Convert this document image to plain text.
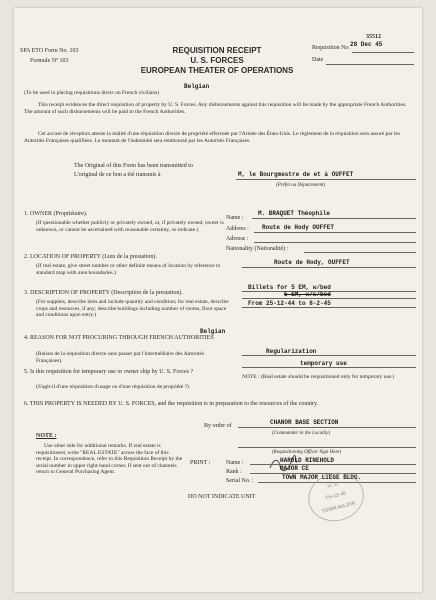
SPA ETO Form No. 103
Formule Nº 103
35512
Requisition No. 28 Dec 45
Date
REQUISITION RECEIPT
U. S. FORCES
EUROPEAN THEATER OF OPERATIONS
Belgian
(To be used in placing requisitions direct on French civilians)
This receipt evidences the direct requisition of property by U. S. Forces. Any disbursements against this requisition will be made by the appropriate French Authorities. The amount of such disbursements will be paid to the French Authorities.
Cet accusé de réception atteste la réalité d'une réquisition directe de propriété effectuée par l'Armée des États-Unis. Le règlement de la réquisition sera assuré par les Autorités Françaises qualifiées. Le montant de l'indemnité sera remboursé par les Autorités Françaises.
The Original of this Form has been transmitted to
L'original de ce bon a été transmis à	M, le Bourgmestre de et à OUFFET
(Préfet ou Département)
1. OWNER (Propriétaire).
(If questionable whether publicly or privately owned, or, if privately owned, owner is unknown, or cannot be ascertained with reasonable certainty, so indicate.)
Name :
M. BRAQUET Théophile
Address : Route de Hody OUFFET
Adresse :
Nationality (Nationalité) :
2. LOCATION OF PROPERTY (Lieu de la prestation).
(If real estate, give street number or other definite means of location by reference to standard map with area boundaries.)
Route de Hody, OUFFET
3. DESCRIPTION OF PROPERTY (Description de la prestation).
(For supplies, describe item and include quantity and condition; for real estate, describe crops and resources, if any; describe buildings including number of rooms, floor space and conditions upon entry.)
Billets for 5 EM, w/bed
5 EM, w/s/bed
From 25-12-44 to 8-2-45
Belgian
4. REASON FOR NOT PROCURING THROUGH FRENCH AUTHORITIES
(Raison de la réquisition directe sans passer par l'intermédiaire des Autorités Françaises).
Regularization
5. Is this requisition for temporary use or owner ship by U. S. Forces ?
(S'agit-il d'une réquisition d'usage ou d'une réquisition de propriété ?)
temporary use
NOTE : (Real estate should be requisitioned only for temporary use.)
6. THIS PROPERTY IS NEEDED BY U. S. FORCES, and the requisition is in preparation to the resources of the country.
By order of	CHANOR BASE SECTION
(Commander in the Locality)
(Requisitioning Officer Sign Here)
PRINT :	Name :	HAROLD RINEHOLD
Rank :	MAJOR CE
Serial No. :	TOWN MAJOR LIEGE BLDG.
U. S.
TH-12-45
TOWN MAJOR
NOTE :
Use other side for additional remarks. If real estate is requisitioned, write "REAL ESTATE" across the face of this receipt. In correspondence, refer to this Requisition Receipt by the serial number in upper right-hand corner. If sent out of channels return to General Purchasing Agent.
DO NOT INDICATE UNIT
